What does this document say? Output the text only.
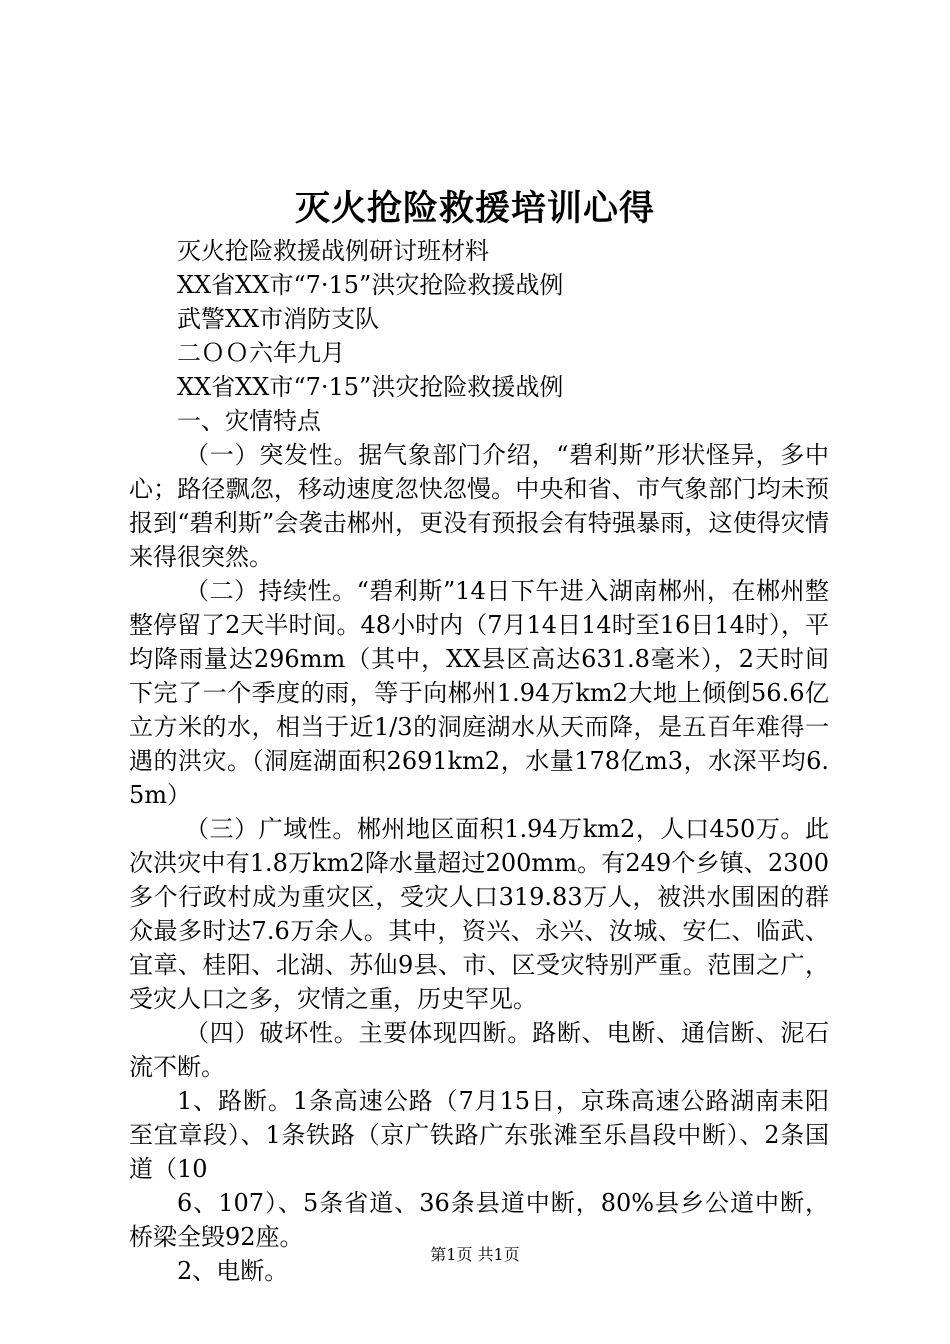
灭火抢险救援培训心得

灭火抢险救援战例研讨班材料

XX省XX市“7·15”洪灾抢险救援战例

武警XX市消防支队

二ＯＯ六年九月

XX省XX市“7·15”洪灾抢险救援战例

一、灾情特点

（一）突发性。据气象部门介绍，“碧利斯”形状怪异，多中心；路径飘忽，移动速度忽快忽慢。中央和省、市气象部门均未预报到“碧利斯”会袭击郴州，更没有预报会有特强暴雨，这使得灾情来得很突然。

（二）持续性。“碧利斯”14日下午进入湖南郴州，在郴州整整停留了2天半时间。48小时内（7月14日14时至16日14时），平均降雨量达296mm（其中，XX县区高达631.8毫米），2天时间下完了一个季度的雨，等于向郴州1.94万km2大地上倾倒56.6亿立方米的水，相当于近1/3的洞庭湖水从天而降，是五百年难得一遇的洪灾。（洞庭湖面积2691km2，水量178亿m3，水深平均6.5m）

（三）广域性。郴州地区面积1.94万km2，人口450万。此次洪灾中有1.8万km2降水量超过200mm。有249个乡镇、2300多个行政村成为重灾区，受灾人口319.83万人，被洪水围困的群众最多时达7.6万余人。其中，资兴、永兴、汝城、安仁、临武、宜章、桂阳、北湖、苏仙9县、市、区受灾特别严重。范围之广，受灾人口之多，灾情之重，历史罕见。

（四）破坏性。主要体现四断。路断、电断、通信断、泥石流不断。

1、路断。1条高速公路（7月15日，京珠高速公路湖南耒阳至宜章段）、1条铁路（京广铁路广东张滩至乐昌段中断）、2条国道（10

6、107）、5条省道、36条县道中断，80%县乡公道中断，桥梁全毁92座。

2、电断。

第1页 共1页
